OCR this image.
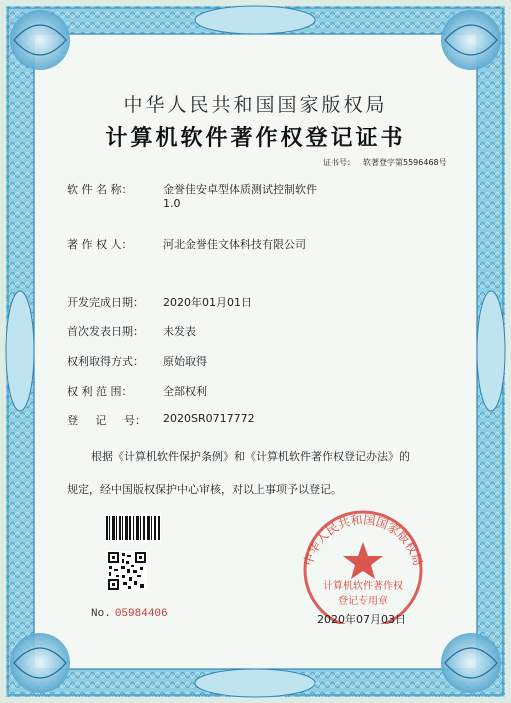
中华人民共和国国家版权局
计算机软件著作权登记证书
证书号： 软著登字第5596468号
软 件 名 称：	金誉佳安卓型体质测试控制软件
1.0
著 作 权 人：	河北金誉佳文体科技有限公司
开发完成日期： 2020年01月01日
首次发表日期： 未发表
权利取得方式： 原始取得
权 利 范 围：	全部权利
登     记     号： 2020SR0717772
根据《计算机软件保护条例》和《计算机软件著作权登记办法》的
规定，经中国版权保护中心审核，对以上事项予以登记。
No. 05984406
中华人民共和国国家版权局
计算机软件著作权
登记专用章
2020年07月03日
